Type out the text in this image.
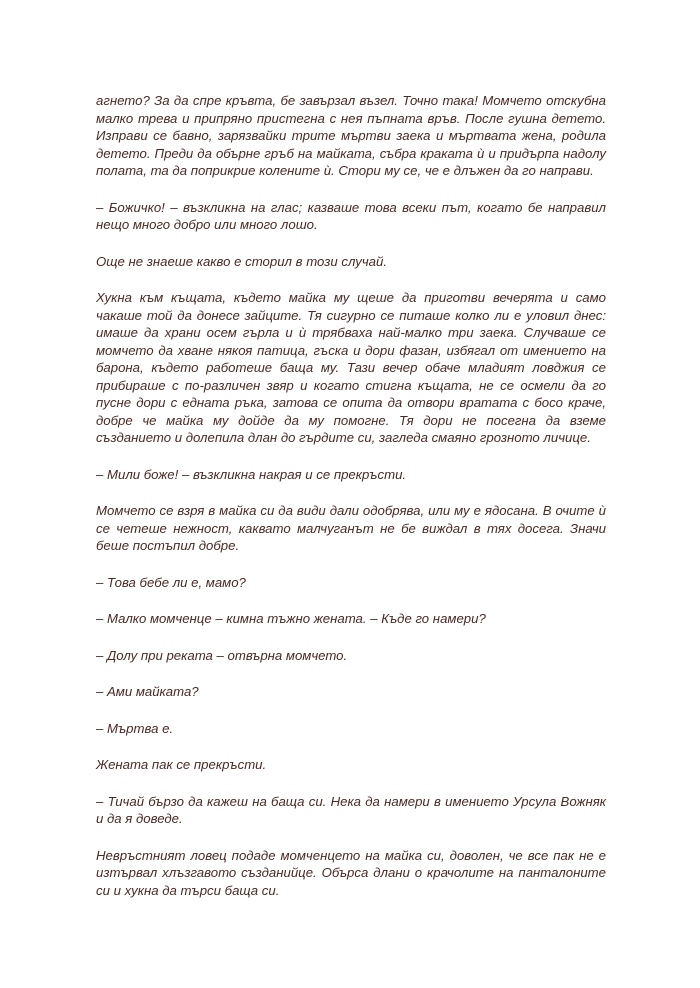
агнето? За да спре кръвта, бе завързал възел. Точно така! Момчето отскубна малко трева и припряно пристегна с нея пъпната връв. После гушна детето. Изправи се бавно, зарязвайки трите мъртви заека и мъртвата жена, родила детето. Преди да обърне гръб на майката, събра краката ѝ и придърпа надолу полата, та да поприкрие колените ѝ. Стори му се, че е длъжен да го направи.

– Божичко! – възкликна на глас; казваше това всеки път, когато бе направил нещо много добро или много лошо.

Още не знаеше какво е сторил в този случай.

Хукна към къщата, където майка му щеше да приготви вечерята и само чакаше той да донесе зайците. Тя сигурно се питаше колко ли е уловил днес: имаше да храни осем гърла и ѝ трябваха най-малко три заека. Случваше се момчето да хване някоя патица, гъска и дори фазан, избягал от имението на барона, където работеше баща му. Тази вечер обаче младият ловджия се прибираше с по-различен звяр и когато стигна къщата, не се осмели да го пусне дори с едната ръка, затова се опита да отвори вратата с босо краче, добре че майка му дойде да му помогне. Тя дори не посегна да вземе създанието и долепила длан до гърдите си, загледа смаяно грозното личице.

– Мили боже! – възкликна накрая и се прекръсти.

Момчето се взря в майка си да види дали одобрява, или му е ядосана. В очите ѝ се четеше нежност, каквато малчуганът не бе виждал в тях досега. Значи беше постъпил добре.

– Това бебе ли е, мамо?

– Малко момченце – кимна тъжно жената. – Къде го намери?

– Долу при реката – отвърна момчето.

– Ами майката?

– Мъртва е.

Жената пак се прекръсти.

– Тичай бързо да кажеш на баща си. Нека да намери в имението Урсула Вожняк и да я доведе.

Невръстният ловец подаде момченцето на майка си, доволен, че все пак не е изтървал хлъзгавото създанийце. Обърса длани о крачолите на панталоните си и хукна да търси баща си.
